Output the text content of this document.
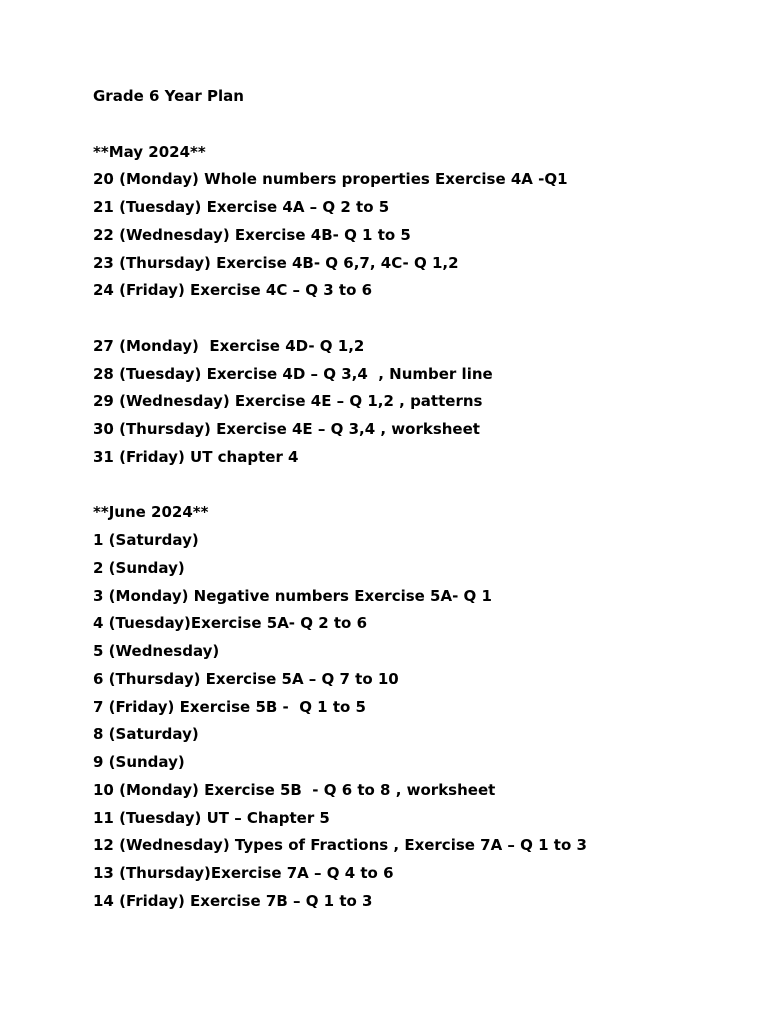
Grade 6 Year Plan
**May 2024**
20 (Monday) Whole numbers properties Exercise 4A -Q1
21 (Tuesday) Exercise 4A – Q 2 to 5
22 (Wednesday) Exercise 4B- Q 1 to 5
23 (Thursday) Exercise 4B- Q 6,7, 4C- Q 1,2
24 (Friday) Exercise 4C – Q 3 to 6
27 (Monday)  Exercise 4D- Q 1,2
28 (Tuesday) Exercise 4D – Q 3,4  , Number line
29 (Wednesday) Exercise 4E – Q 1,2 , patterns
30 (Thursday) Exercise 4E – Q 3,4 , worksheet
31 (Friday) UT chapter 4
**June 2024**
1 (Saturday)
2 (Sunday)
3 (Monday) Negative numbers Exercise 5A- Q 1
4 (Tuesday)Exercise 5A- Q 2 to 6
5 (Wednesday)
6 (Thursday) Exercise 5A – Q 7 to 10
7 (Friday) Exercise 5B -  Q 1 to 5
8 (Saturday)
9 (Sunday)
10 (Monday) Exercise 5B  - Q 6 to 8 , worksheet
11 (Tuesday) UT – Chapter 5
12 (Wednesday) Types of Fractions , Exercise 7A – Q 1 to 3
13 (Thursday)Exercise 7A – Q 4 to 6
14 (Friday) Exercise 7B – Q 1 to 3
